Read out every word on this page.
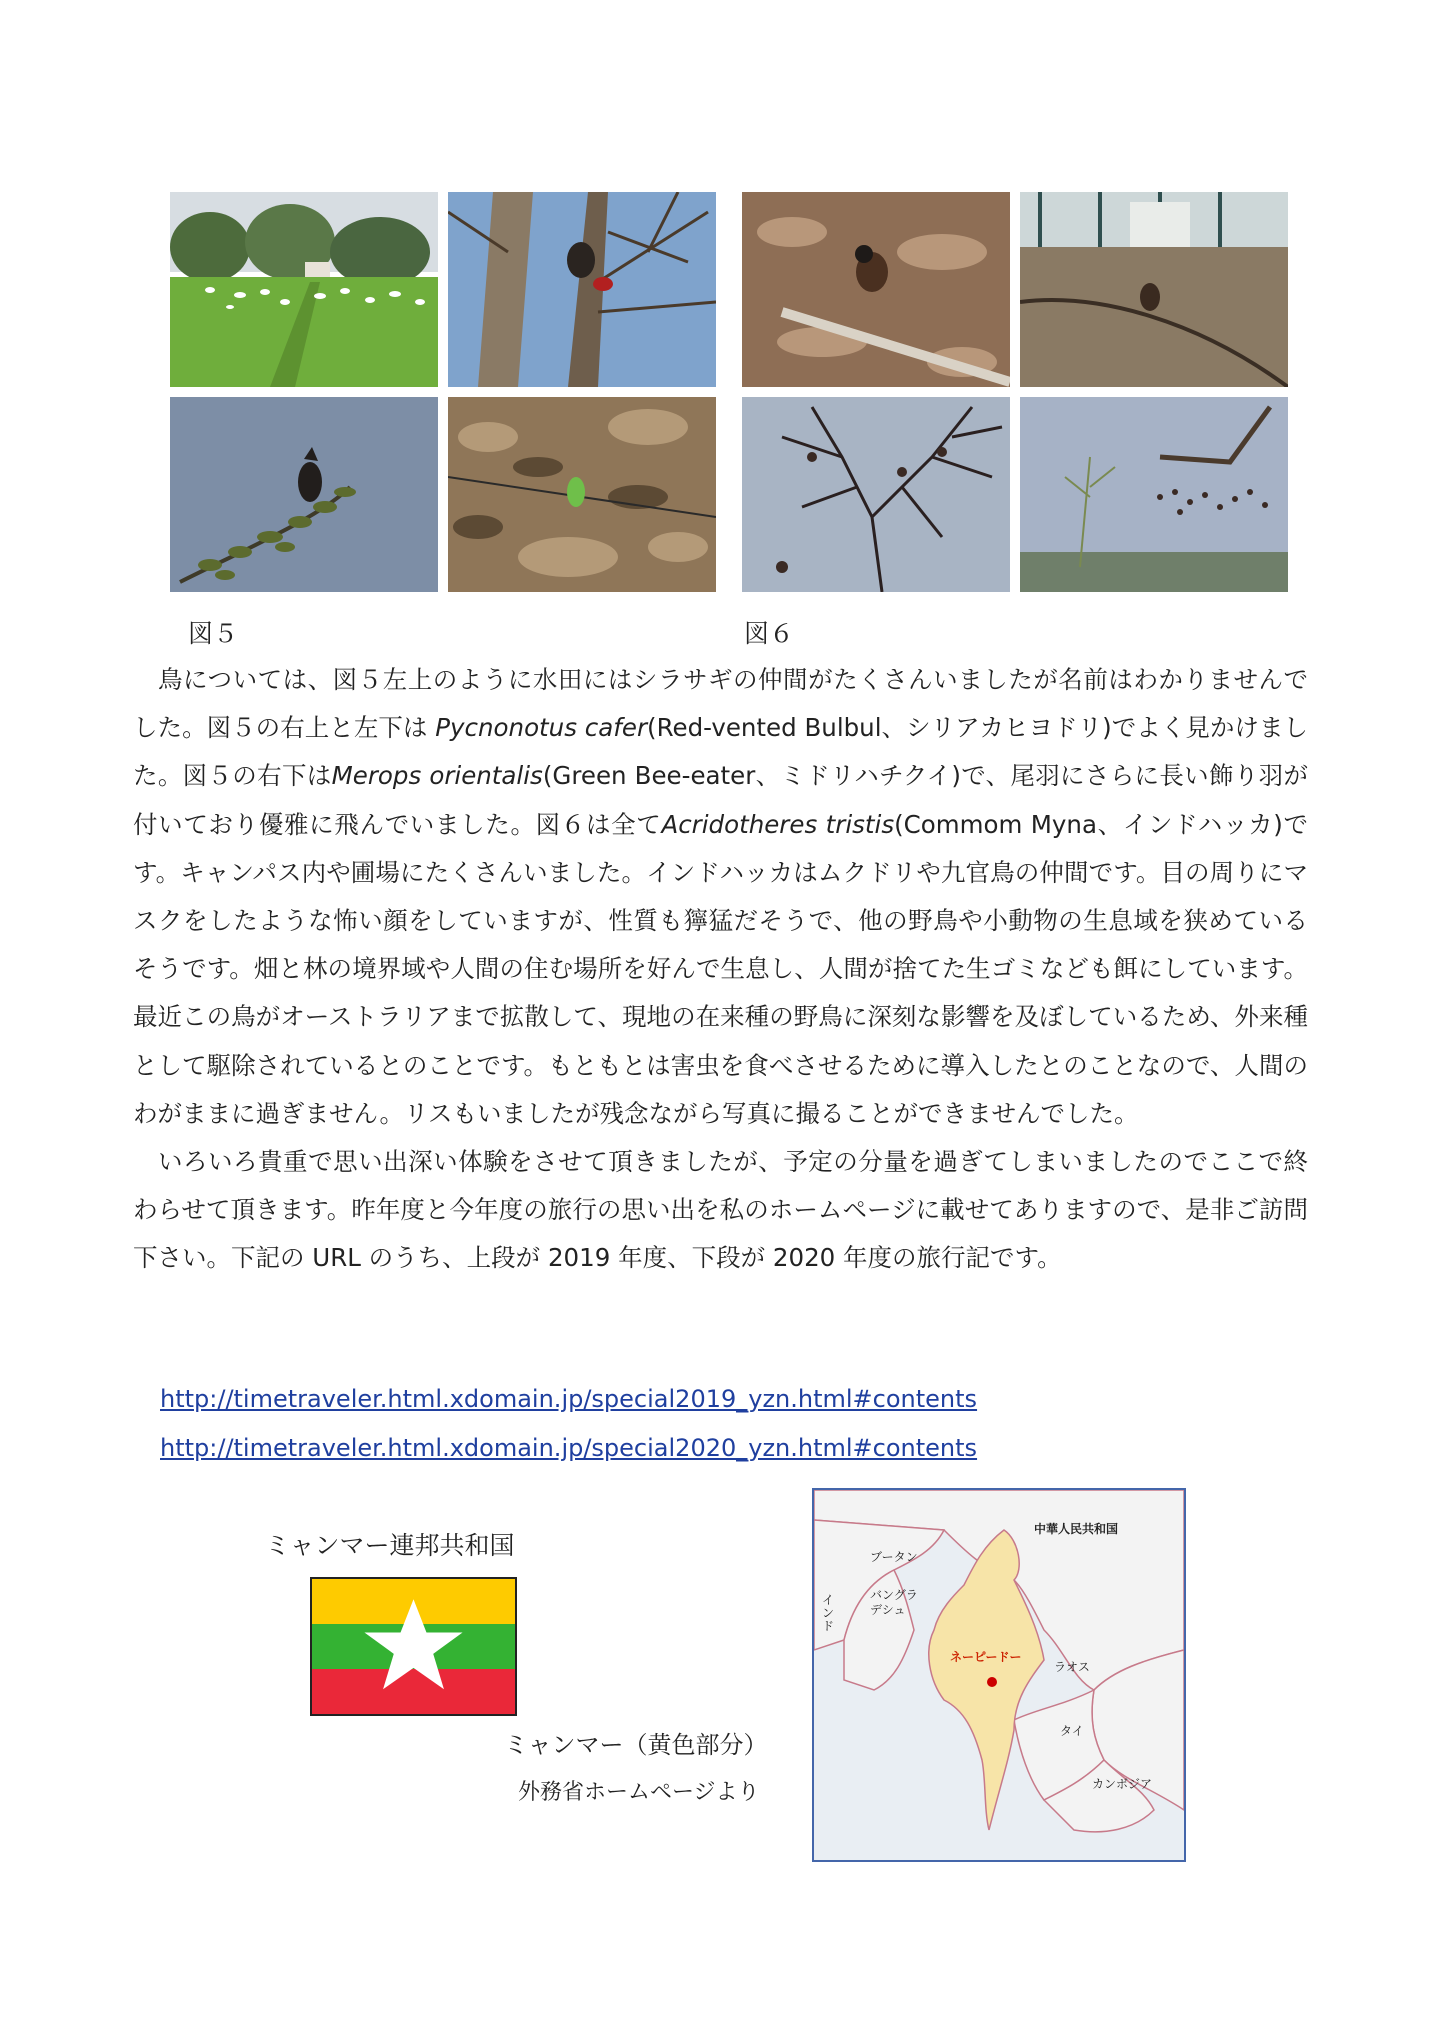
図５	図６

鳥については、図５左上のように水田にはシラサギの仲間がたくさんいましたが名前はわかりませんでした。図５の右上と左下は Pycnonotus cafer(Red-vented Bulbul、シリアカヒヨドリ)でよく見かけました。図５の右下はMerops orientalis(Green Bee-eater、ミドリハチクイ)で、尾羽にさらに長い飾り羽が付いており優雅に飛んでいました。図６は全てAcridotheres tristis(Commom Myna、インドハッカ)です。キャンパス内や圃場にたくさんいました。インドハッカはムクドリや九官鳥の仲間です。目の周りにマスクをしたような怖い顔をしていますが、性質も獰猛だそうで、他の野鳥や小動物の生息域を狭めているそうです。畑と林の境界域や人間の住む場所を好んで生息し、人間が捨てた生ゴミなども餌にしています。最近この鳥がオーストラリアまで拡散して、現地の在来種の野鳥に深刻な影響を及ぼしているため、外来種として駆除されているとのことです。もともとは害虫を食べさせるために導入したとのことなので、人間のわがままに過ぎません。リスもいましたが残念ながら写真に撮ることができませんでした。

いろいろ貴重で思い出深い体験をさせて頂きましたが、予定の分量を過ぎてしまいましたのでここで終わらせて頂きます。昨年度と今年度の旅行の思い出を私のホームページに載せてありますので、是非ご訪問下さい。下記の URL のうち、上段が 2019 年度、下段が 2020 年度の旅行記です。

http://timetraveler.html.xdomain.jp/special2019_yzn.html#contents
http://timetraveler.html.xdomain.jp/special2020_yzn.html#contents
ミャンマー連邦共和国
ミャンマー（黄色部分）
外務省ホームページより
中華人民共和国
ブータン
インド
バングラデシュ
ネーピードー
ラオス
タイ
カンボジア
